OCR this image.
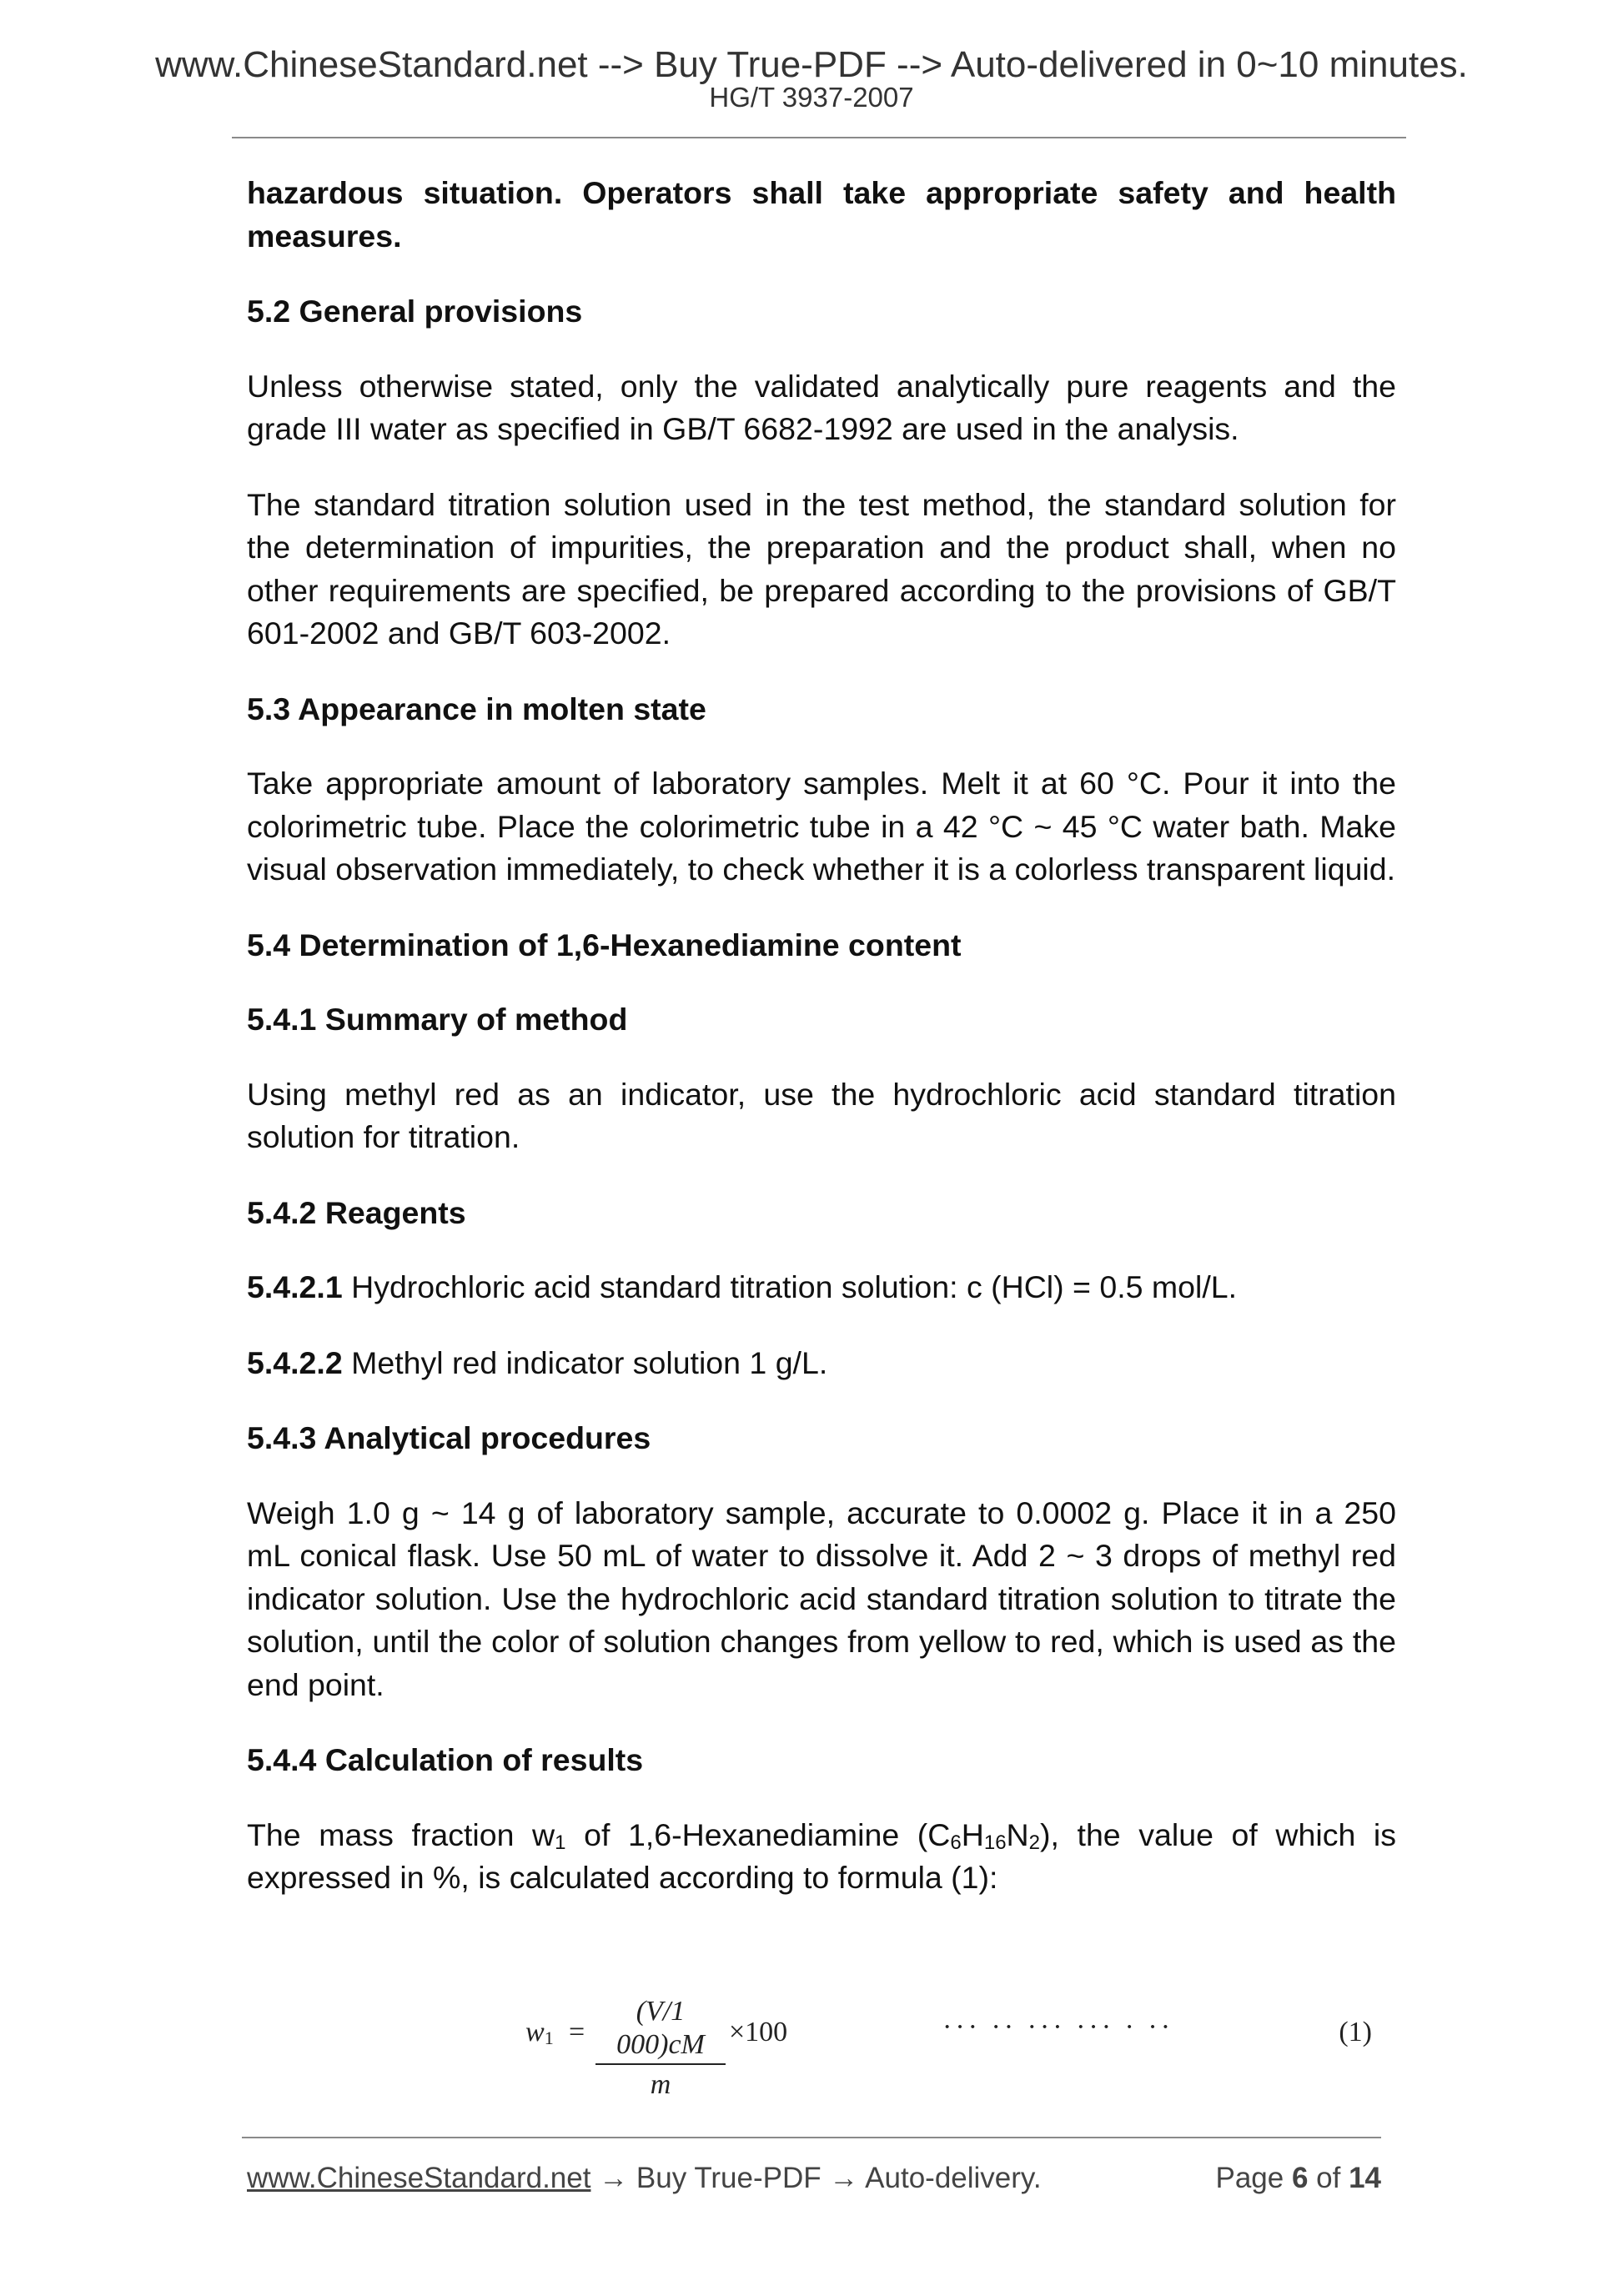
www.ChineseStandard.net --> Buy True-PDF --> Auto-delivered in 0~10 minutes.
HG/T 3937-2007

hazardous situation. Operators shall take appropriate safety and health measures.

5.2 General provisions

Unless otherwise stated, only the validated analytically pure reagents and the grade III water as specified in GB/T 6682-1992 are used in the analysis.

The standard titration solution used in the test method, the standard solution for the determination of impurities, the preparation and the product shall, when no other requirements are specified, be prepared according to the provisions of GB/T 601-2002 and GB/T 603-2002.

5.3 Appearance in molten state

Take appropriate amount of laboratory samples. Melt it at 60 °C. Pour it into the colorimetric tube. Place the colorimetric tube in a 42 °C ~ 45 °C water bath. Make visual observation immediately, to check whether it is a colorless transparent liquid.

5.4 Determination of 1,6-Hexanediamine content
5.4.1 Summary of method

Using methyl red as an indicator, use the hydrochloric acid standard titration solution for titration.

5.4.2 Reagents

5.4.2.1 Hydrochloric acid standard titration solution: c (HCl) = 0.5 mol/L.

5.4.2.2 Methyl red indicator solution 1 g/L.

5.4.3 Analytical procedures

Weigh 1.0 g ~ 14 g of laboratory sample, accurate to 0.0002 g. Place it in a 250 mL conical flask. Use 50 mL of water to dissolve it. Add 2 ~ 3 drops of methyl red indicator solution. Use the hydrochloric acid standard titration solution to titrate the solution, until the color of solution changes from yellow to red, which is used as the end point.

5.4.4 Calculation of results

The mass fraction $w_1$ of 1,6-Hexanediamine $(C_6H_{16}N_2)$, the value of which is expressed in %, is calculated according to formula (1):

$w_1$ =
(V/1 000)cM
m
×100	··· ·· ··· ··· · ··	(1)
www.ChineseStandard.net → Buy True-PDF → Auto-delivery.	Page 6 of 14
